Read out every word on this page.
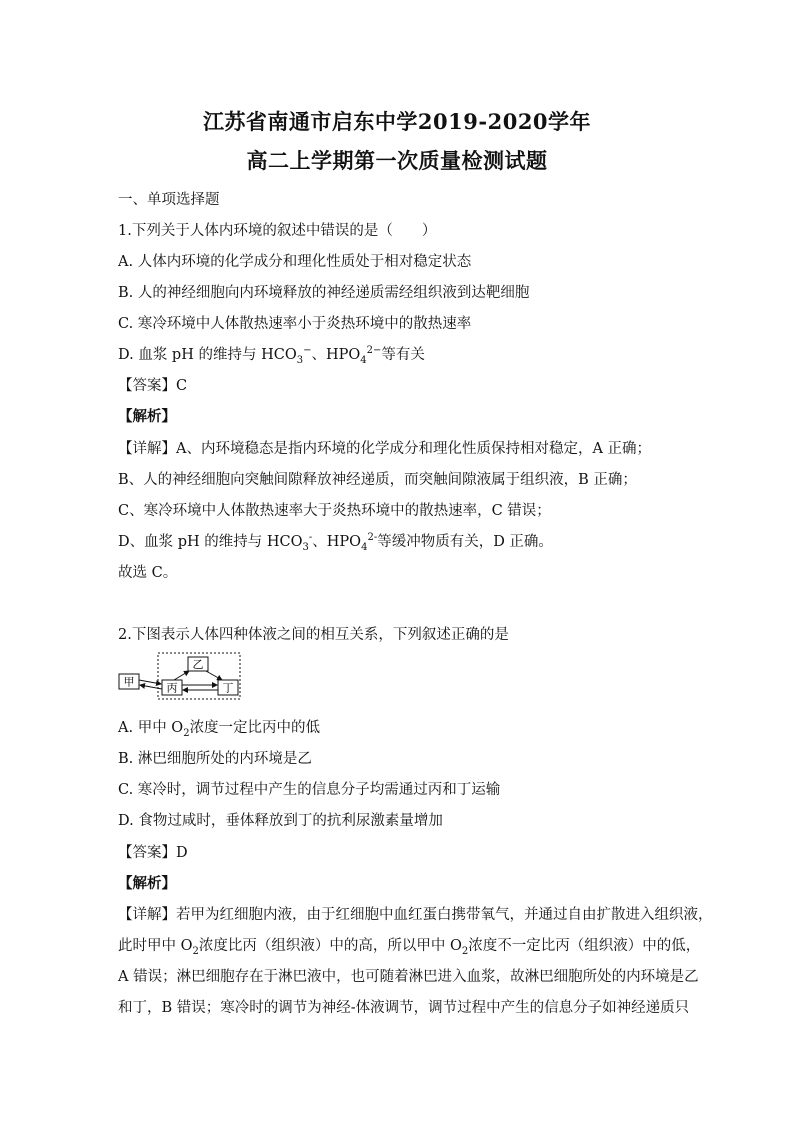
江苏省南通市启东中学2019-2020学年
高二上学期第一次质量检测试题
一、单项选择题
1.下列关于人体内环境的叙述中错误的是（　　）
A. 人体内环境的化学成分和理化性质处于相对稳定状态
B. 人的神经细胞向内环境释放的神经递质需经组织液到达靶细胞
C. 寒冷环境中人体散热速率小于炎热环境中的散热速率
D. 血浆 pH 的维持与 $HCO_3^-$、$HPO_4^{2-}$等有关
【答案】C
【解析】
【详解】A、内环境稳态是指内环境的化学成分和理化性质保持相对稳定，A 正确；
B、人的神经细胞向突触间隙释放神经递质，而突触间隙液属于组织液，B 正确；
C、寒冷环境中人体散热速率大于炎热环境中的散热速率，C 错误；
D、血浆 pH 的维持与 $HCO_3^-$、$HPO_4^{2-}$等缓冲物质有关，D 正确。
故选 C。
2.下图表示人体四种体液之间的相互关系，下列叙述正确的是
甲
乙
丙	丁
A. 甲中 $O_2$浓度一定比丙中的低
B. 淋巴细胞所处的内环境是乙
C. 寒冷时，调节过程中产生的信息分子均需通过丙和丁运输
D. 食物过咸时，垂体释放到丁的抗利尿激素量增加
【答案】D
【解析】
【详解】若甲为红细胞内液，由于红细胞中血红蛋白携带氧气，并通过自由扩散进入组织液，
此时甲中 $O_2$浓度比丙（组织液）中的高，所以甲中 $O_2$浓度不一定比丙（组织液）中的低，
A 错误；淋巴细胞存在于淋巴液中，也可随着淋巴进入血浆，故淋巴细胞所处的内环境是乙
和丁，B 错误；寒冷时的调节为神经-体液调节，调节过程中产生的信息分子如神经递质只
